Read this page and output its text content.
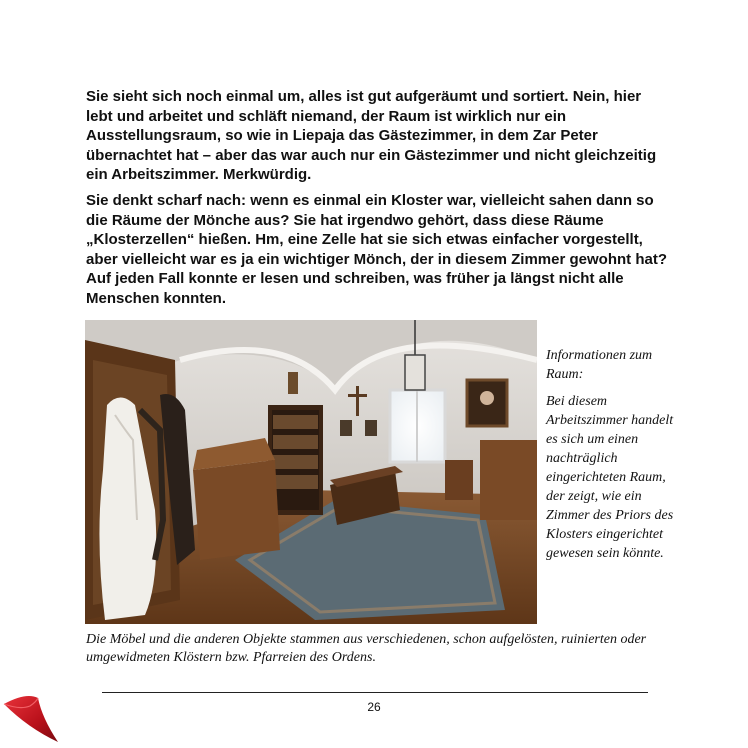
Sie sieht sich noch einmal um, alles ist gut aufgeräumt und sortiert. Nein, hier lebt und arbeitet und schläft niemand, der Raum ist wirklich nur ein Ausstellungsraum, so wie in Liepaja das Gästezimmer, in dem Zar Peter übernachtet hat – aber das war auch nur ein Gästezimmer und nicht gleichzeitig ein Arbeitszimmer. Merkwürdig.

Sie denkt scharf nach: wenn es einmal ein Kloster war, vielleicht sahen dann so die Räume der Mönche aus? Sie hat irgendwo gehört, dass diese Räume „Klosterzellen“ hießen. Hm, eine Zelle hat sie sich etwas einfacher vorgestellt, aber vielleicht war es ja ein wichtiger Mönch, der in diesem Zimmer gewohnt hat? Auf jeden Fall konnte er lesen und schreiben, was früher ja längst nicht alle Menschen konnten.

Informationen zum Raum:

Bei diesem Arbeitszimmer handelt es sich um einen nachträglich eingerichteten Raum, der zeigt, wie ein Zimmer des Priors des Klosters eingerichtet gewesen sein könnte.

Die Möbel und die anderen Objekte stammen aus verschiedenen, schon aufgelösten, ruinierten oder umgewidmeten Klöstern bzw. Pfarreien des Ordens.

26
